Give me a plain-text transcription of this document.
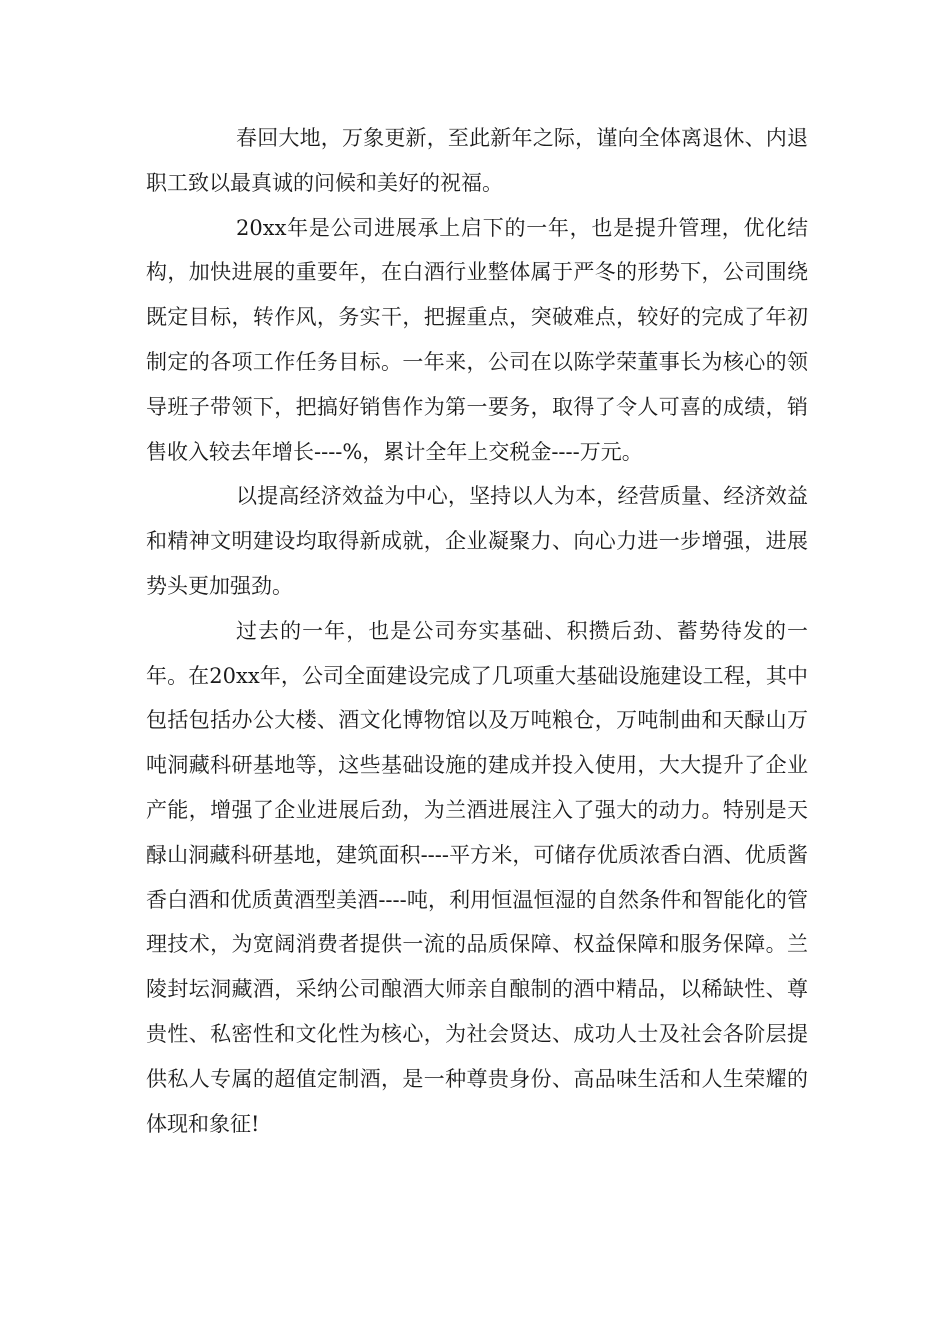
春回大地，万象更新，至此新年之际，谨向全体离退休、内退职工致以最真诚的问候和美好的祝福。

20xx年是公司进展承上启下的一年，也是提升管理，优化结构，加快进展的重要年，在白酒行业整体属于严冬的形势下，公司围绕既定目标，转作风，务实干，把握重点，突破难点，较好的完成了年初制定的各项工作任务目标。一年来，公司在以陈学荣董事长为核心的领导班子带领下，把搞好销售作为第一要务，取得了令人可喜的成绩，销售收入较去年增长----%，累计全年上交税金----万元。

以提高经济效益为中心，坚持以人为本，经营质量、经济效益和精神文明建设均取得新成就，企业凝聚力、向心力进一步增强，进展势头更加强劲。

过去的一年，也是公司夯实基础、积攒后劲、蓄势待发的一年。在20xx年，公司全面建设完成了几项重大基础设施建设工程，其中包括包括办公大楼、酒文化博物馆以及万吨粮仓，万吨制曲和天醁山万吨洞藏科研基地等，这些基础设施的建成并投入使用，大大提升了企业产能，增强了企业进展后劲，为兰酒进展注入了强大的动力。特别是天醁山洞藏科研基地，建筑面积----平方米，可储存优质浓香白酒、优质酱香白酒和优质黄酒型美酒----吨，利用恒温恒湿的自然条件和智能化的管理技术，为宽阔消费者提供一流的品质保障、权益保障和服务保障。兰陵封坛洞藏酒，采纳公司酿酒大师亲自酿制的酒中精品，以稀缺性、尊贵性、私密性和文化性为核心，为社会贤达、成功人士及社会各阶层提供私人专属的超值定制酒，是一种尊贵身份、高品味生活和人生荣耀的体现和象征!
